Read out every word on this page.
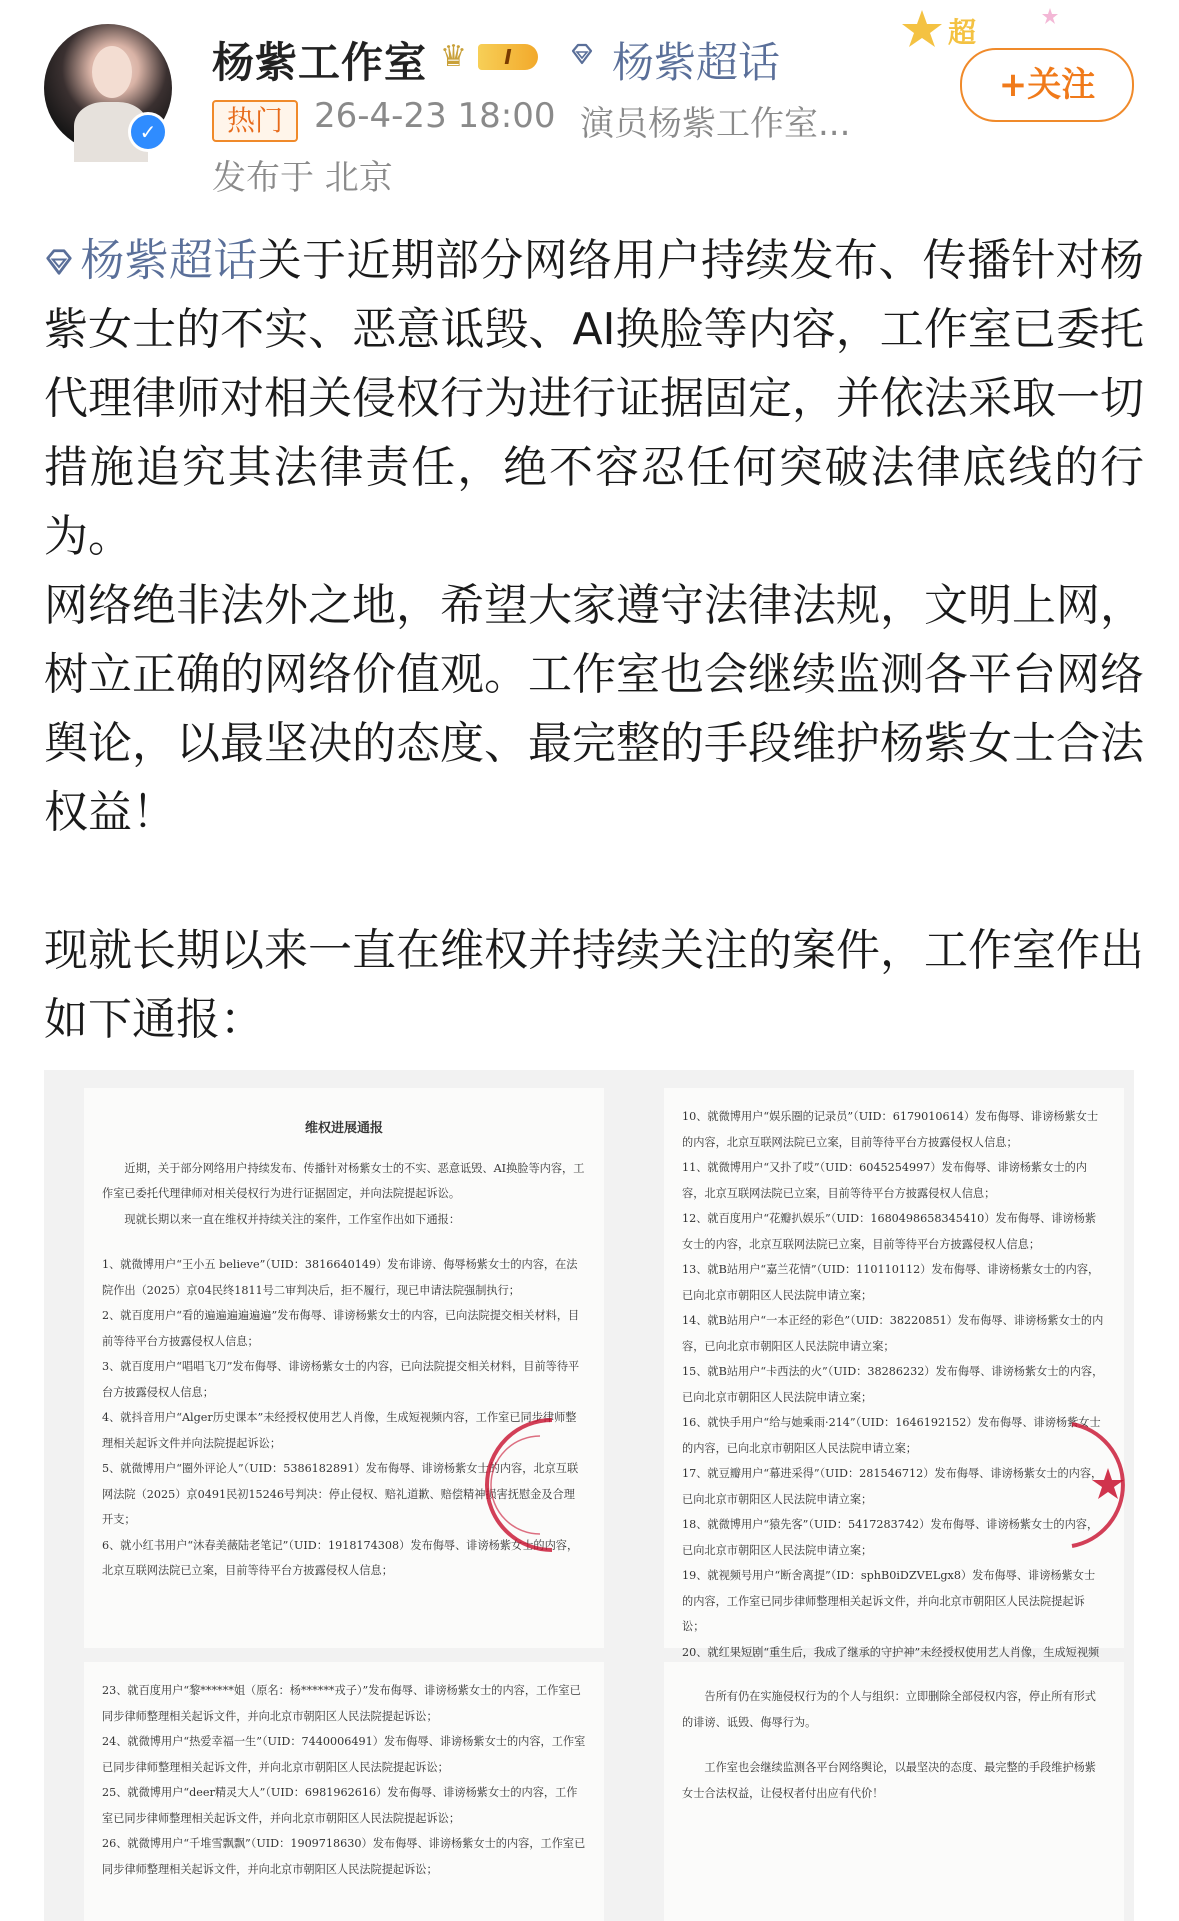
✓
杨紫工作室 ♛	I	杨紫超话
超
+关注
热门 26-4-23 18:00 演员杨紫工作室...
发布于 北京

杨紫超话关于近期部分网络用户持续发布、传播针对杨紫女士的不实、恶意诋毁、AI换脸等内容，工作室已委托代理律师对相关侵权行为进行证据固定，并依法采取一切措施追究其法律责任，绝不容忍任何突破法律底线的行为。

网络绝非法外之地，希望大家遵守法律法规，文明上网，树立正确的网络价值观。工作室也会继续监测各平台网络舆论，以最坚决的态度、最完整的手段维护杨紫女士合法权益！

现就长期以来一直在维权并持续关注的案件，工作室作出如下通报：

维权进展通报

近期，关于部分网络用户持续发布、传播针对杨紫女士的不实、恶意诋毁、AI换脸等内容，工作室已委托代理律师对相关侵权行为进行证据固定，并向法院提起诉讼。

现就长期以来一直在维权并持续关注的案件，工作室作出如下通报：

1、就微博用户“王小五 believe”（UID：3816640149）发布诽谤、侮辱杨紫女士的内容，在法院作出（2025）京04民终1811号二审判决后，拒不履行，现已申请法院强制执行；

2、就百度用户“看的遍遍遍遍遍遍”发布侮辱、诽谤杨紫女士的内容，已向法院提交相关材料，目前等待平台方披露侵权人信息；

3、就百度用户“唱唱飞刀”发布侮辱、诽谤杨紫女士的内容，已向法院提交相关材料，目前等待平台方披露侵权人信息；

4、就抖音用户“Alger历史课本”未经授权使用艺人肖像，生成短视频内容，工作室已同步律师整理相关起诉文件并向法院提起诉讼；

5、就微博用户“圈外评论人”（UID：5386182891）发布侮辱、诽谤杨紫女士的内容，北京互联网法院（2025）京0491民初15246号判决：停止侵权、赔礼道歉、赔偿精神损害抚慰金及合理开支；

6、就小红书用户“沐春美薇陆老笔记”（UID：1918174308）发布侮辱、诽谤杨紫女士的内容，北京互联网法院已立案，目前等待平台方披露侵权人信息；

10、就微博用户“娱乐圈的记录员”（UID：6179010614）发布侮辱、诽谤杨紫女士的内容，北京互联网法院已立案，目前等待平台方披露侵权人信息；

11、就微博用户“又扑了哎”（UID：6045254997）发布侮辱、诽谤杨紫女士的内容，北京互联网法院已立案，目前等待平台方披露侵权人信息；

12、就百度用户“花瓣扒娱乐”（UID：1680498658345410）发布侮辱、诽谤杨紫女士的内容，北京互联网法院已立案，目前等待平台方披露侵权人信息；

13、就B站用户“嘉兰花情”（UID：110110112）发布侮辱、诽谤杨紫女士的内容，已向北京市朝阳区人民法院申请立案；

14、就B站用户“一本正经的彩色”（UID：38220851）发布侮辱、诽谤杨紫女士的内容，已向北京市朝阳区人民法院申请立案；

15、就B站用户“卡西法的火”（UID：38286232）发布侮辱、诽谤杨紫女士的内容，已向北京市朝阳区人民法院申请立案；

16、就快手用户“给与她乘雨·214”（UID：1646192152）发布侮辱、诽谤杨紫女士的内容，已向北京市朝阳区人民法院申请立案；

17、就豆瓣用户“幕进采得”（UID：281546712）发布侮辱、诽谤杨紫女士的内容，已向北京市朝阳区人民法院申请立案；

18、就微博用户“猿先客”（UID：5417283742）发布侮辱、诽谤杨紫女士的内容，已向北京市朝阳区人民法院申请立案；

19、就视频号用户“断舍离提”（ID：sphB0iDZVELgx8）发布侮辱、诽谤杨紫女士的内容，工作室已同步律师整理相关起诉文件，并向北京市朝阳区人民法院提起诉讼；

20、就红果短剧“重生后，我成了继承的守护神”未经授权使用艺人肖像，生成短视频

23、就百度用户“黎******姐（原名：杨******戎子）”发布侮辱、诽谤杨紫女士的内容，工作室已同步律师整理相关起诉文件，并向北京市朝阳区人民法院提起诉讼；

24、就微博用户“热爱幸福一生”（UID：7440006491）发布侮辱、诽谤杨紫女士的内容，工作室已同步律师整理相关起诉文件，并向北京市朝阳区人民法院提起诉讼；

25、就微博用户“deer精灵大人”（UID：6981962616）发布侮辱、诽谤杨紫女士的内容，工作室已同步律师整理相关起诉文件，并向北京市朝阳区人民法院提起诉讼；

26、就微博用户“千堆雪飘飘”（UID：1909718630）发布侮辱、诽谤杨紫女士的内容，工作室已同步律师整理相关起诉文件，并向北京市朝阳区人民法院提起诉讼；

告所有仍在实施侵权行为的个人与组织：立即删除全部侵权内容，停止所有形式的诽谤、诋毁、侮辱行为。

工作室也会继续监测各平台网络舆论，以最坚决的态度、最完整的手段维护杨紫女士合法权益，让侵权者付出应有代价！
